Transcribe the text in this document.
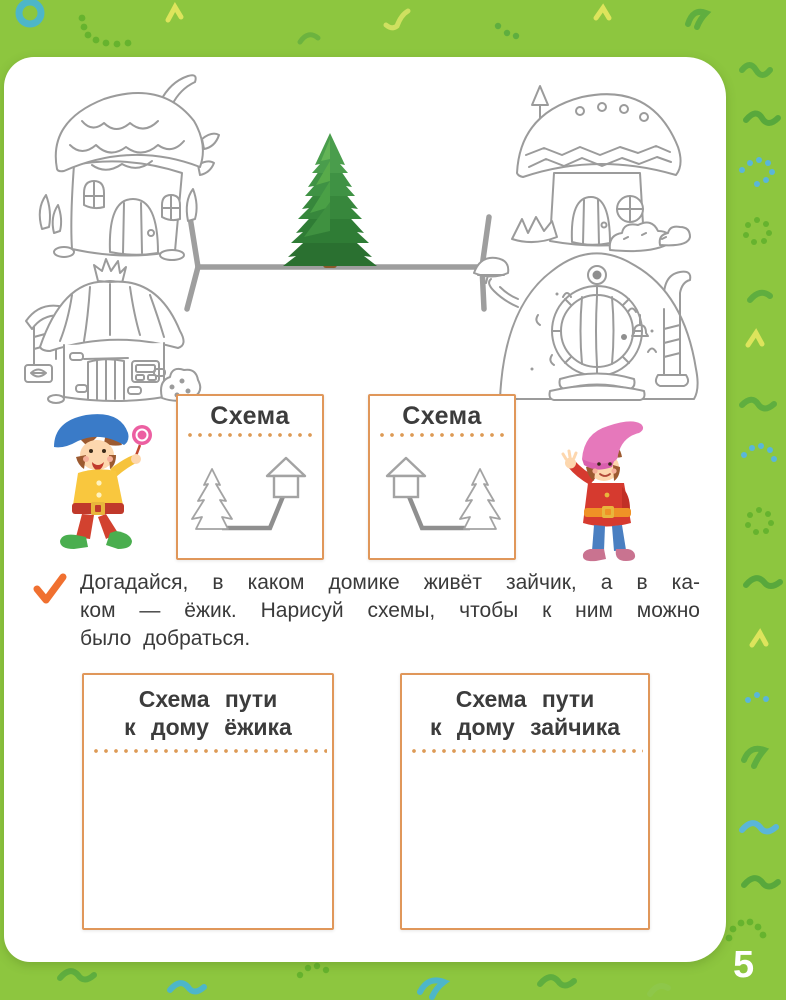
Схема	Схема
Догадайся, в каком домике живёт зайчик, а в ка-
ком — ёжик. Нарисуй схемы, чтобы к ним можно
было добраться.
Схема пути
к дому ёжика
Схема пути
к дому зайчика
5
